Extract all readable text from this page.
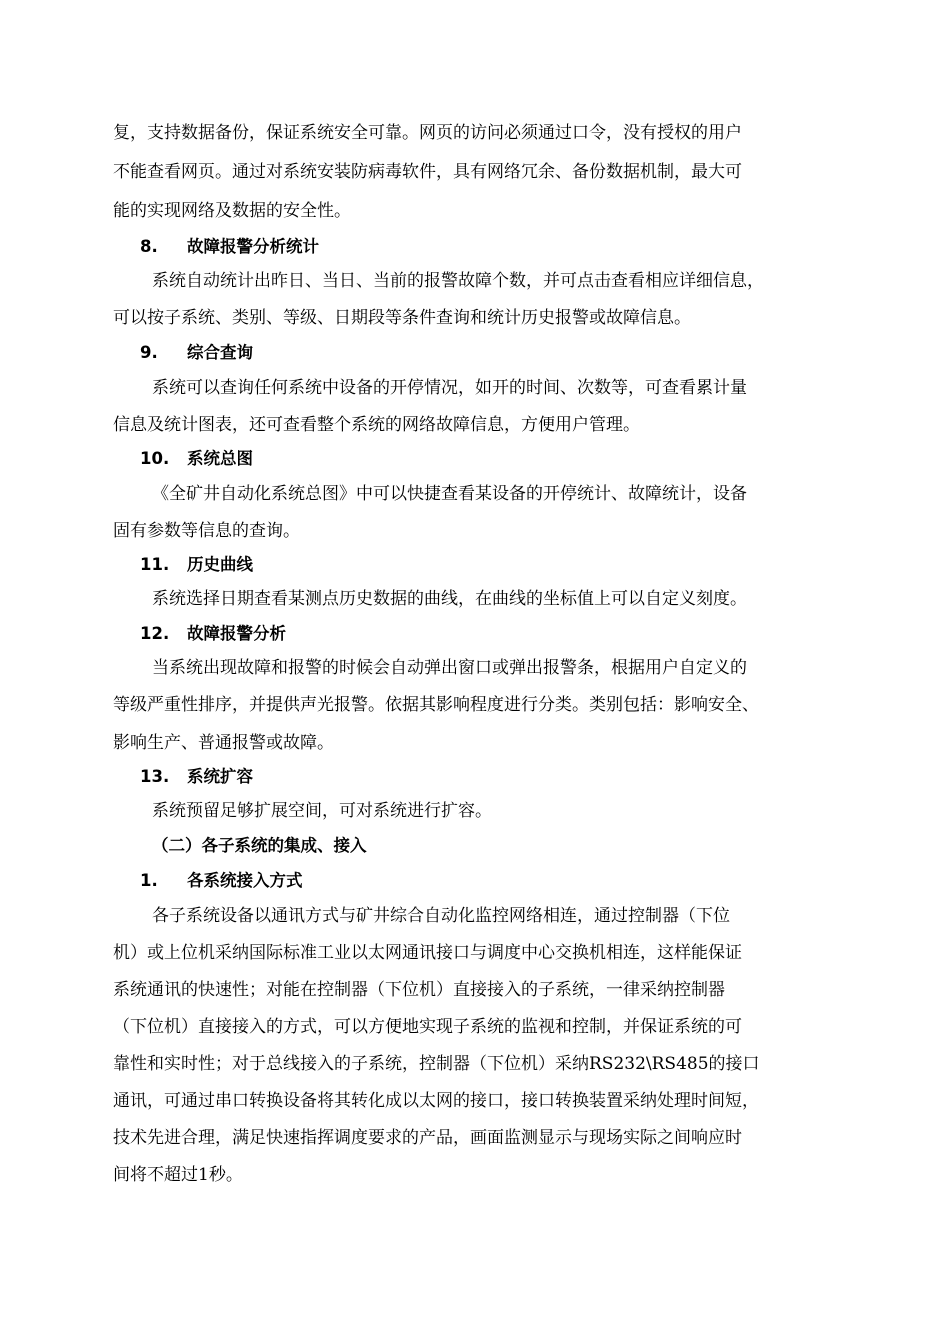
复，支持数据备份，保证系统安全可靠。网页的访问必须通过口令，没有授权的用户
不能查看网页。通过对系统安装防病毒软件，具有网络冗余、备份数据机制，最大可
能的实现网络及数据的安全性。
8. 故障报警分析统计
系统自动统计出昨日、当日、当前的报警故障个数，并可点击查看相应详细信息，
可以按子系统、类别、等级、日期段等条件查询和统计历史报警或故障信息。
9. 综合查询
系统可以查询任何系统中设备的开停情况，如开的时间、次数等，可查看累计量
信息及统计图表，还可查看整个系统的网络故障信息，方便用户管理。
10. 系统总图
《全矿井自动化系统总图》中可以快捷查看某设备的开停统计、故障统计，设备
固有参数等信息的查询。
11. 历史曲线
系统选择日期查看某测点历史数据的曲线，在曲线的坐标值上可以自定义刻度。
12. 故障报警分析
当系统出现故障和报警的时候会自动弹出窗口或弹出报警条，根据用户自定义的
等级严重性排序，并提供声光报警。依据其影响程度进行分类。类别包括：影响安全、
影响生产、普通报警或故障。
13. 系统扩容
系统预留足够扩展空间，可对系统进行扩容。
（二）各子系统的集成、接入
1. 各系统接入方式
各子系统设备以通讯方式与矿井综合自动化监控网络相连，通过控制器（下位
机）或上位机采纳国际标准工业以太网通讯接口与调度中心交换机相连，这样能保证
系统通讯的快速性；对能在控制器（下位机）直接接入的子系统，一律采纳控制器
（下位机）直接接入的方式，可以方便地实现子系统的监视和控制，并保证系统的可
靠性和实时性；对于总线接入的子系统，控制器（下位机）采纳RS232\RS485的接口
通讯，可通过串口转换设备将其转化成以太网的接口，接口转换装置采纳处理时间短，
技术先进合理，满足快速指挥调度要求的产品，画面监测显示与现场实际之间响应时
间将不超过1秒。
